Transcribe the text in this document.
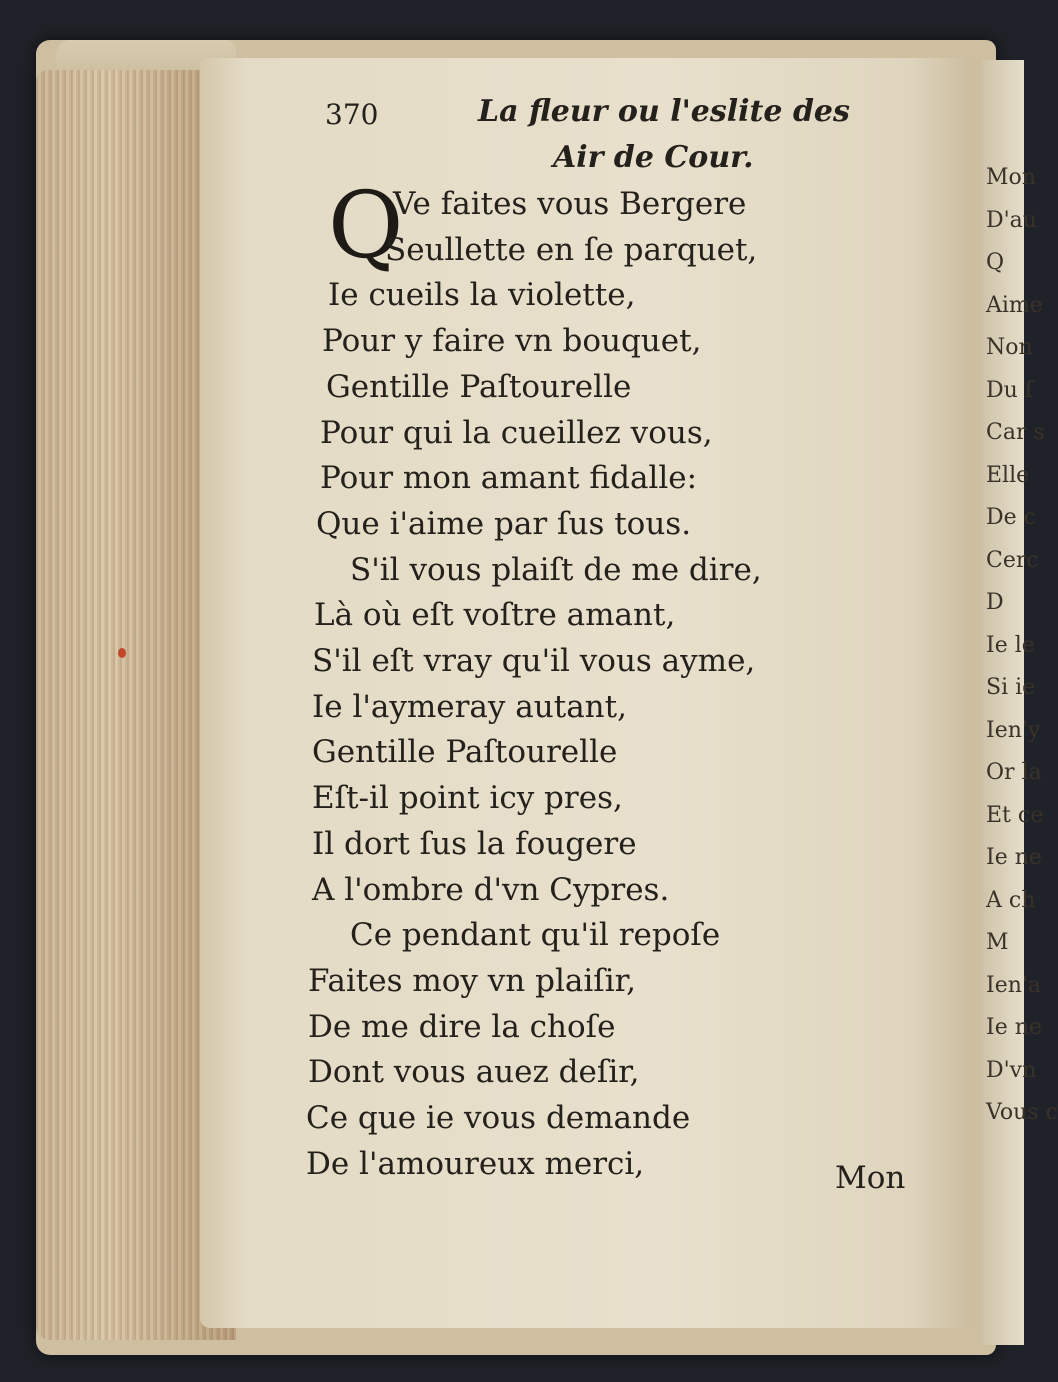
Mon
D'au
Q
Aime
Non
Du ſ
Car s
Elle
De c
Cerc
D
Ie le
Si ie
Ien'y
Or la
Et ce
Ie ne
A ch
M
Ien'a
Ie ne
D'vn
Vous c
370	La fleur ou l'eslite des
Air de Cour.
Q
Ve faites vous Bergere
Seullette en ſe parquet,
Ie cueils la violette,
Pour y faire vn bouquet,
Gentille Paſtourelle
Pour qui la cueillez vous,
Pour mon amant fidalle:
Que i'aime par ſus tous.
S'il vous plaiſt de me dire,
Là où eſt voſtre amant,
S'il eſt vray qu'il vous ayme,
Ie l'aymeray autant,
Gentille Paſtourelle
Eſt-il point icy pres,
Il dort ſus la fougere
A l'ombre d'vn Cypres.
Ce pendant qu'il repoſe
Faites moy vn plaiſir,
De me dire la choſe
Dont vous auez deſir,
Ce que ie vous demande
De l'amoureux merci,	Mon
